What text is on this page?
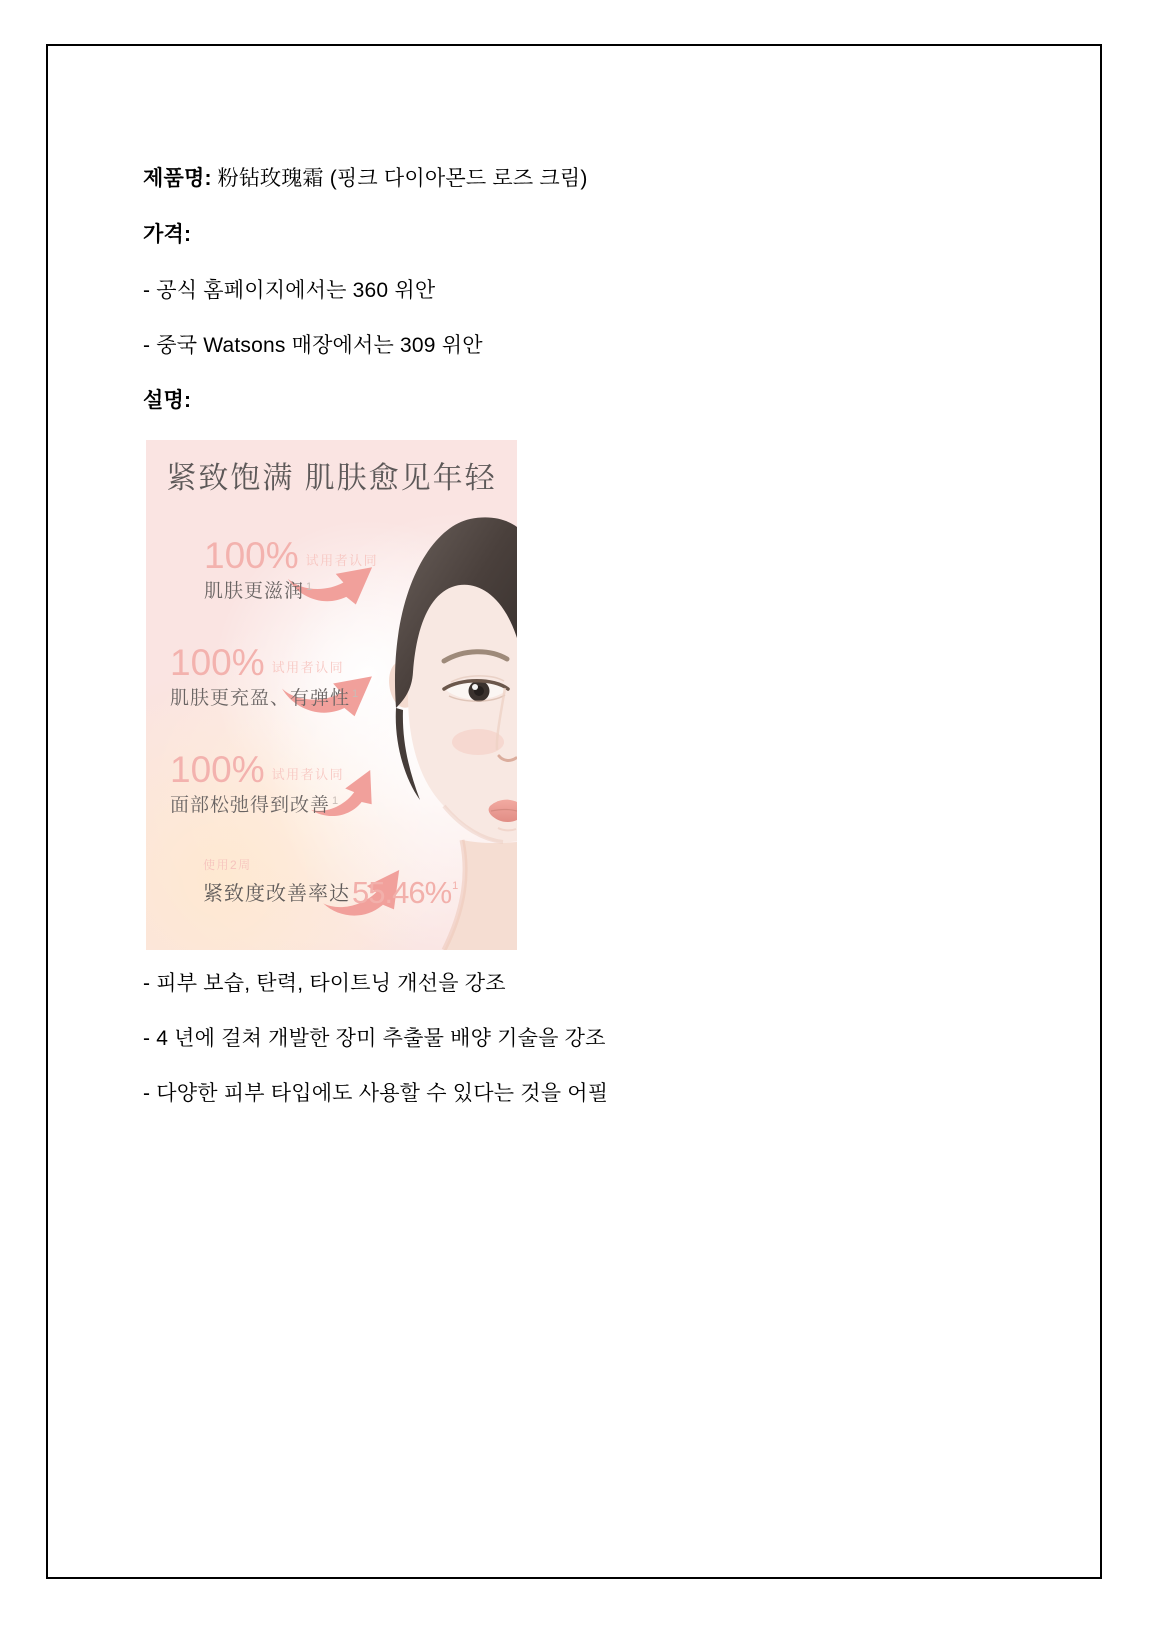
제품명: 粉钻玫瑰霜 (핑크 다이아몬드 로즈 크림)
가격:
- 공식 홈페이지에서는 360 위안
- 중국 Watsons 매장에서는 309 위안
설명:
紧致饱满 肌肤愈见年轻
100% 试用者认同
肌肤更滋润 $^1$
100% 试用者认同
肌肤更充盈、有弹性 $^1$
100% 试用者认同
面部松弛得到改善 $^1$
使用2周
紧致度改善率达 55.46%$^1$
- 피부 보습, 탄력, 타이트닝 개선을 강조
- 4 년에 걸쳐 개발한 장미 추출물 배양 기술을 강조
- 다양한 피부 타입에도 사용할 수 있다는 것을 어필
